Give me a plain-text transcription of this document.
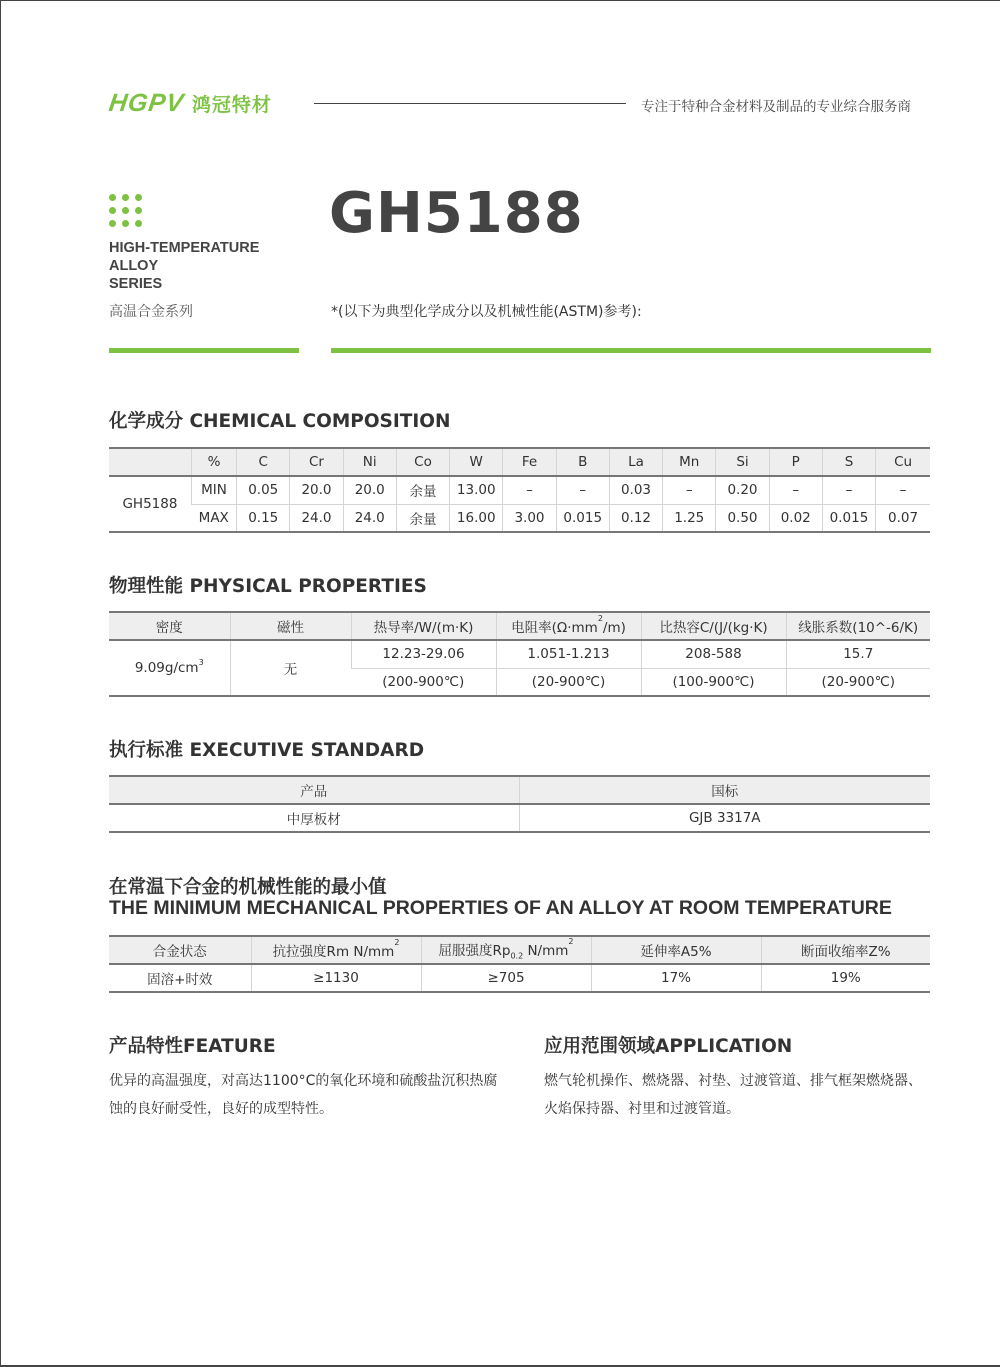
HGPV 鸿冠特材	专注于特种合金材料及制品的专业综合服务商
HIGH-TEMPERATURE
ALLOY
SERIES
高温合金系列
GH5188
*(以下为典型化学成分以及机械性能(ASTM)参考):
化学成分 CHEMICAL COMPOSITION
	%	C	Cr	Ni	Co	W	Fe	B	La	Mn	Si	P	S	Cu
GH5188	MIN	0.05	20.0	20.0	余量	13.00	–	–	0.03	–	0.20	–	–	–
	MAX	0.15	24.0	24.0	余量	16.00	3.00	0.015	0.12	1.25	0.50	0.02	0.015	0.07
物理性能 PHYSICAL PROPERTIES
密度	磁性	热导率/W/(m·K)	电阻率$(\Omega\cdot mm^2/m)$	比热容C/(J/(kg·K)	线胀系数(10^-6/K)
$9.09g/cm^3$	无	12.23-29.06	1.051-1.213	208-588	15.7
		(200-900℃)	(20-900℃)	(100-900℃)	(20-900℃)
执行标准 EXECUTIVE STANDARD
产品	国标
中厚板材	GJB 3317A
在常温下合金的机械性能的最小值
THE MINIMUM MECHANICAL PROPERTIES OF AN ALLOY AT ROOM TEMPERATURE
合金状态	抗拉强度Rm $N/mm^2$	屈服强度$Rp_{0.2}$ $N/mm^2$	延伸率A5%	断面收缩率Z%
固溶+时效	≥1130	≥705	17%	19%
产品特性FEATURE
优异的高温强度，对高达1100°C的氧化环境和硫酸盐沉积热腐蚀的良好耐受性，良好的成型特性。
应用范围领域APPLICATION
燃气轮机操作、燃烧器、衬垫、过渡管道、排气框架燃烧器、火焰保持器、衬里和过渡管道。
